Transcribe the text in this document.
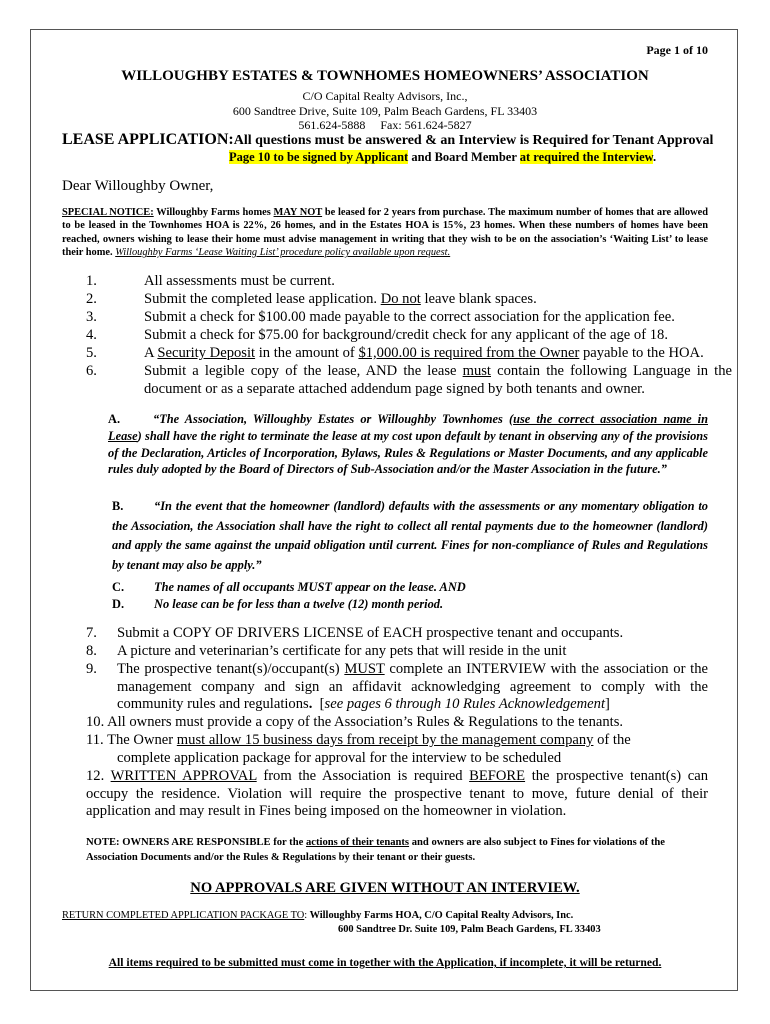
Page 1 of 10
WILLOUGHBY ESTATES & TOWNHOMES HOMEOWNERS’ ASSOCIATION
C/O Capital Realty Advisors, Inc.,
600 Sandtree Drive, Suite 109, Palm Beach Gardens, FL 33403
561.624-5888     Fax: 561.624-5827
LEASE APPLICATION:All questions must be answered & an Interview is Required for Tenant Approval
Page 10 to be signed by Applicant and Board Member at required the Interview.
Dear Willoughby Owner,
SPECIAL NOTICE: Willoughby Farms homes MAY NOT be leased for 2 years from purchase. The maximum number of homes that are allowed to be leased in the Townhomes HOA is 22%, 26 homes, and in the Estates HOA is 15%, 23 homes. When these numbers of homes have been reached, owners wishing to lease their home must advise management in writing that they wish to be on the association’s ‘Waiting List’ to lease their home. Willoughby Farms ‘Lease Waiting List’ procedure policy available upon request.
1.	All assessments must be current.
2.	Submit the completed lease application. Do not leave blank spaces.
3.	Submit a check for $100.00 made payable to the correct association for the application fee.
4.	Submit a check for $75.00 for background/credit check for any applicant of the age of 18.
5.	A Security Deposit in the amount of $1,000.00 is required from the Owner payable to the HOA.
6.	Submit a legible copy of the lease, AND the lease must contain the following Language in the document or as a separate attached addendum page signed by both tenants and owner.
A.	“The Association, Willoughby Estates or Willoughby Townhomes (use the correct association name in Lease) shall have the right to terminate the lease at my cost upon default by tenant in observing any of the provisions of the Declaration, Articles of Incorporation, Bylaws, Rules & Regulations or Master Documents, and any applicable rules duly adopted by the Board of Directors of Sub-Association and/or the Master Association in the future.”
B. “In the event that the homeowner (landlord) defaults with the assessments or any momentary obligation to the Association, the Association shall have the right to collect all rental payments due to the homeowner (landlord) and apply the same against the unpaid obligation until current. Fines for non-compliance of Rules and Regulations by tenant may also be apply.”
C. The names of all occupants MUST appear on the lease. AND
D. No lease can be for less than a twelve (12) month period.
7.	Submit a COPY OF DRIVERS LICENSE of EACH prospective tenant and occupants.
8.	A picture and veterinarian’s certificate for any pets that will reside in the unit
9.	The prospective tenant(s)/occupant(s) MUST complete an INTERVIEW with the association or the management company and sign an affidavit acknowledging agreement to comply with the community rules and regulations.  [see pages 6 through 10 Rules Acknowledgement]
10. All owners must provide a copy of the Association’s Rules & Regulations to the tenants.
11. The Owner must allow 15 business days from receipt by the management company of the
complete application package for approval for the interview to be scheduled
12. WRITTEN APPROVAL from the Association is required BEFORE the prospective tenant(s) can occupy the residence. Violation will require the prospective tenant to move, future denial of their application and may result in Fines being imposed on the homeowner in violation.
NOTE: OWNERS ARE RESPONSIBLE for the actions of their tenants and owners are also subject to Fines for violations of the Association Documents and/or the Rules & Regulations by their tenant or their guests.
NO APPROVALS ARE GIVEN WITHOUT AN INTERVIEW.
RETURN COMPLETED APPLICATION PACKAGE TO: Willoughby Farms HOA, C/O Capital Realty Advisors, Inc.
600 Sandtree Dr. Suite 109, Palm Beach Gardens, FL 33403
All items required to be submitted must come in together with the Application, if incomplete, it will be returned.
